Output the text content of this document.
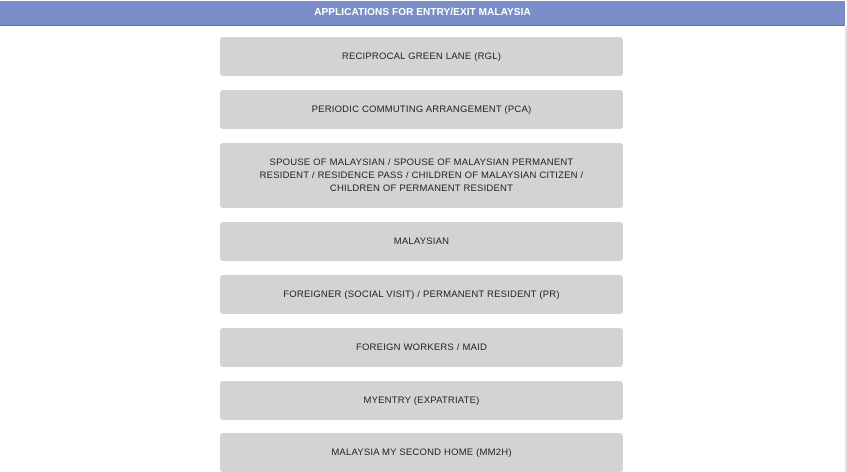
APPLICATIONS FOR ENTRY/EXIT MALAYSIA
RECIPROCAL GREEN LANE (RGL)
PERIODIC COMMUTING ARRANGEMENT (PCA)
SPOUSE OF MALAYSIAN / SPOUSE OF MALAYSIAN PERMANENT RESIDENT / RESIDENCE PASS / CHILDREN OF MALAYSIAN CITIZEN / CHILDREN OF PERMANENT RESIDENT
MALAYSIAN
FOREIGNER (SOCIAL VISIT) / PERMANENT RESIDENT (PR)
FOREIGN WORKERS / MAID
MYENTRY (EXPATRIATE)
MALAYSIA MY SECOND HOME (MM2H)
